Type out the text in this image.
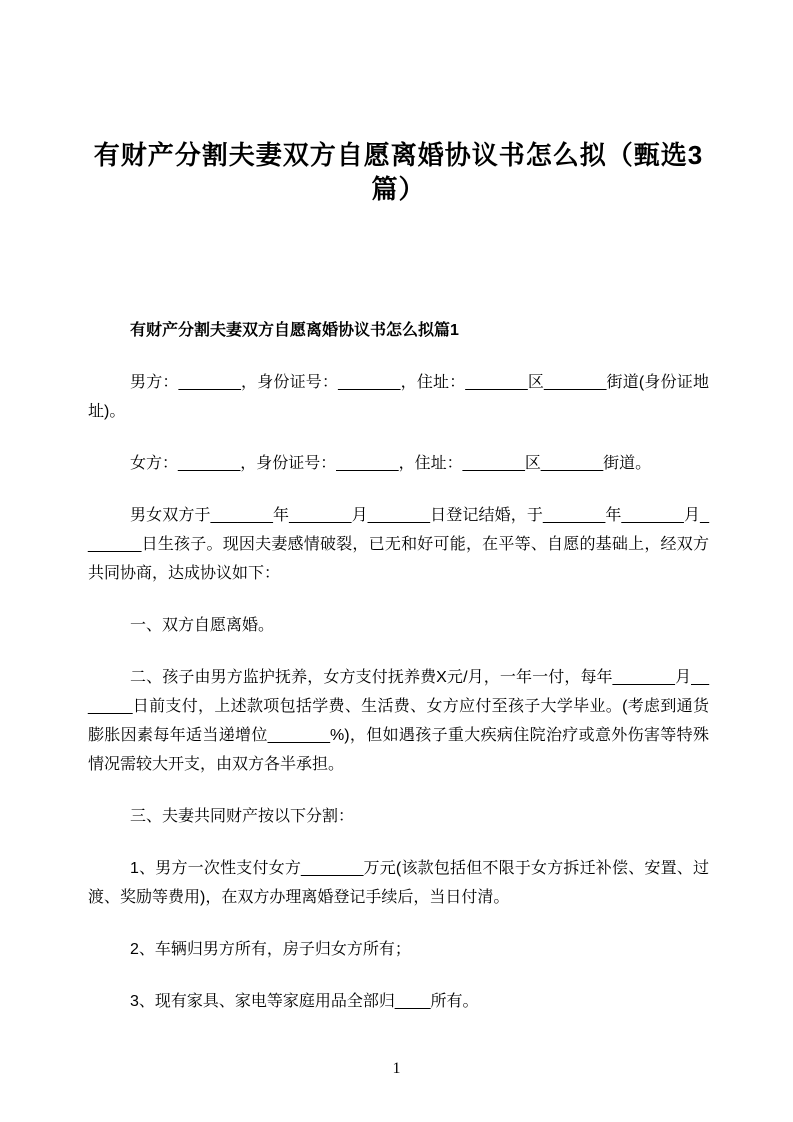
有财产分割夫妻双方自愿离婚协议书怎么拟（甄选3篇）
有财产分割夫妻双方自愿离婚协议书怎么拟篇1

男方：_______，身份证号：_______，住址：_______区_______街道(身份证地址)。

女方：_______，身份证号：_______，住址：_______区_______街道。

男女双方于_______年_______月_______日登记结婚，于_______年_______月_______日生孩子。现因夫妻感情破裂，已无和好可能，在平等、自愿的基础上，经双方共同协商，达成协议如下：

一、双方自愿离婚。

二、孩子由男方监护抚养，女方支付抚养费X元/月，一年一付，每年_______月_______日前支付，上述款项包括学费、生活费、女方应付至孩子大学毕业。(考虑到通货膨胀因素每年适当递增位_______%)，但如遇孩子重大疾病住院治疗或意外伤害等特殊情况需较大开支，由双方各半承担。

三、夫妻共同财产按以下分割：

1、男方一次性支付女方_______万元(该款包括但不限于女方拆迁补偿、安置、过渡、奖励等费用)，在双方办理离婚登记手续后，当日付清。

2、车辆归男方所有，房子归女方所有；

3、现有家具、家电等家庭用品全部归____所有。

1
